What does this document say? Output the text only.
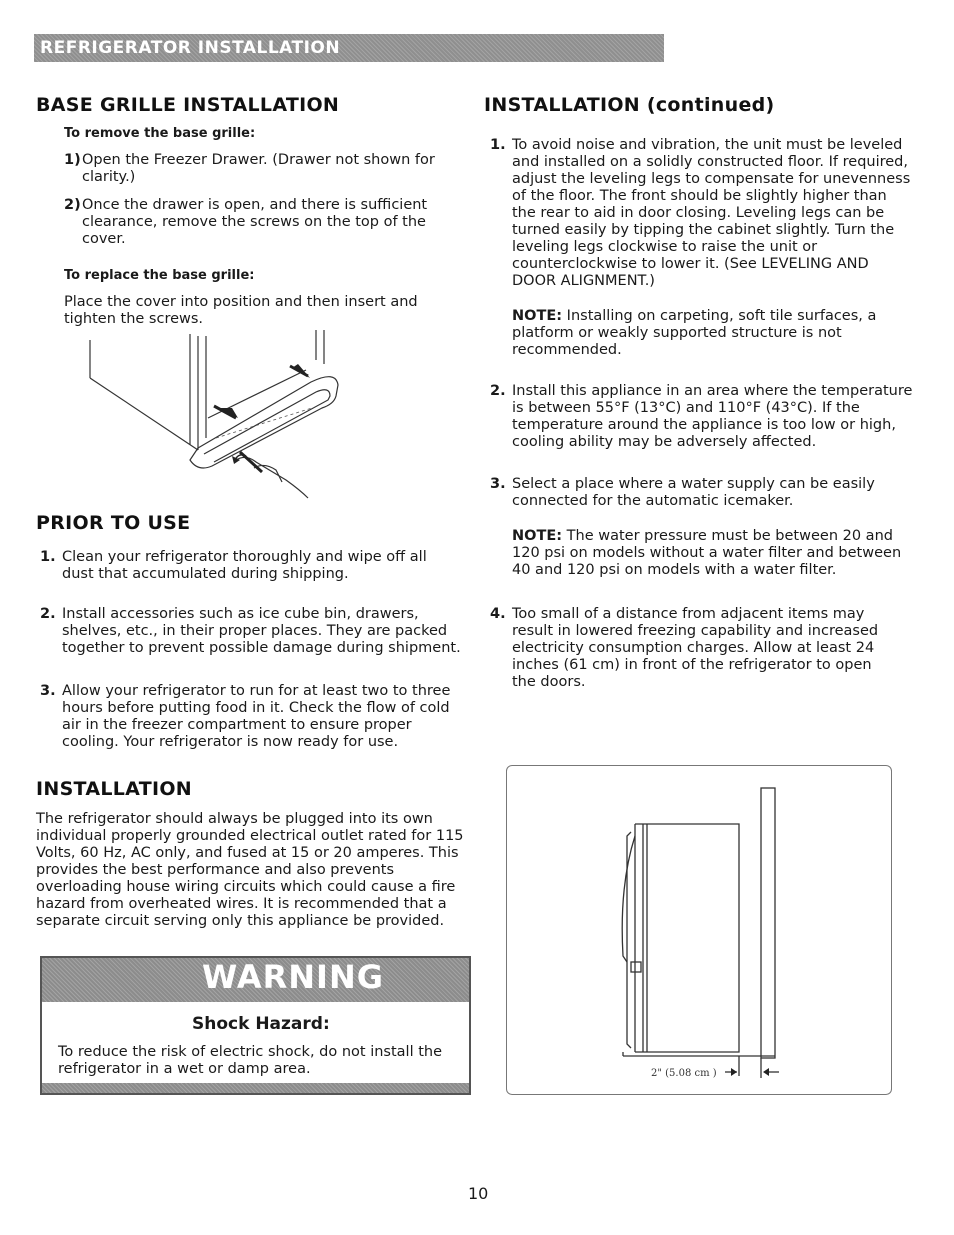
REFRIGERATOR INSTALLATION
BASE GRILLE INSTALLATION
To remove the base grille:
1) Open the Freezer Drawer. (Drawer not shown for clarity.)
2) Once the drawer is open, and there is sufficient clearance, remove the screws on the top of the cover.
To replace the base grille:
Place the cover into position and then insert and tighten the screws.
PRIOR TO USE
1. Clean your refrigerator thoroughly and wipe off all dust that accumulated during shipping.
2. Install accessories such as ice cube bin, drawers, shelves, etc., in their proper places. They are packed together to prevent possible damage during shipment.
3. Allow your refrigerator to run for at least two to three hours before putting food in it. Check the flow of cold air in the freezer compartment to ensure proper cooling. Your refrigerator is now ready for use.
INSTALLATION
The refrigerator should always be plugged into its own individual properly grounded electrical outlet rated for 115 Volts, 60 Hz, AC only, and fused at 15 or 20 amperes. This provides the best performance and also prevents overloading house wiring circuits which could cause a fire hazard from overheated wires. It is recommended that a separate circuit serving only this appliance be provided.
WARNING
Shock Hazard:
To reduce the risk of electric shock, do not install the refrigerator in a wet or damp area.
INSTALLATION (continued)
1. To avoid noise and vibration, the unit must be leveled and installed on a solidly constructed floor. If required, adjust the leveling legs to compensate for unevenness of the floor. The front should be slightly higher than the rear to aid in door closing. Leveling legs can be turned easily by tipping the cabinet slightly. Turn the leveling legs clockwise to raise the unit or counterclockwise to lower it. (See LEVELING AND DOOR ALIGNMENT.)
NOTE: Installing on carpeting, soft tile surfaces, a platform or weakly supported structure is not recommended.
2. Install this appliance in an area where the temperature is between 55°F (13°C) and 110°F (43°C). If the temperature around the appliance is too low or high, cooling ability may be adversely affected.
3. Select a place where a water supply can be easily connected for the automatic icemaker.
NOTE: The water pressure must be between 20 and 120 psi on models without a water filter and between 40 and 120 psi on models with a water filter.
4. Too small of a distance from adjacent items may result in lowered freezing capability and increased electricity consumption charges. Allow at least 24 inches (61 cm) in front of the refrigerator to open the doors.
2" (5.08 cm )
10
